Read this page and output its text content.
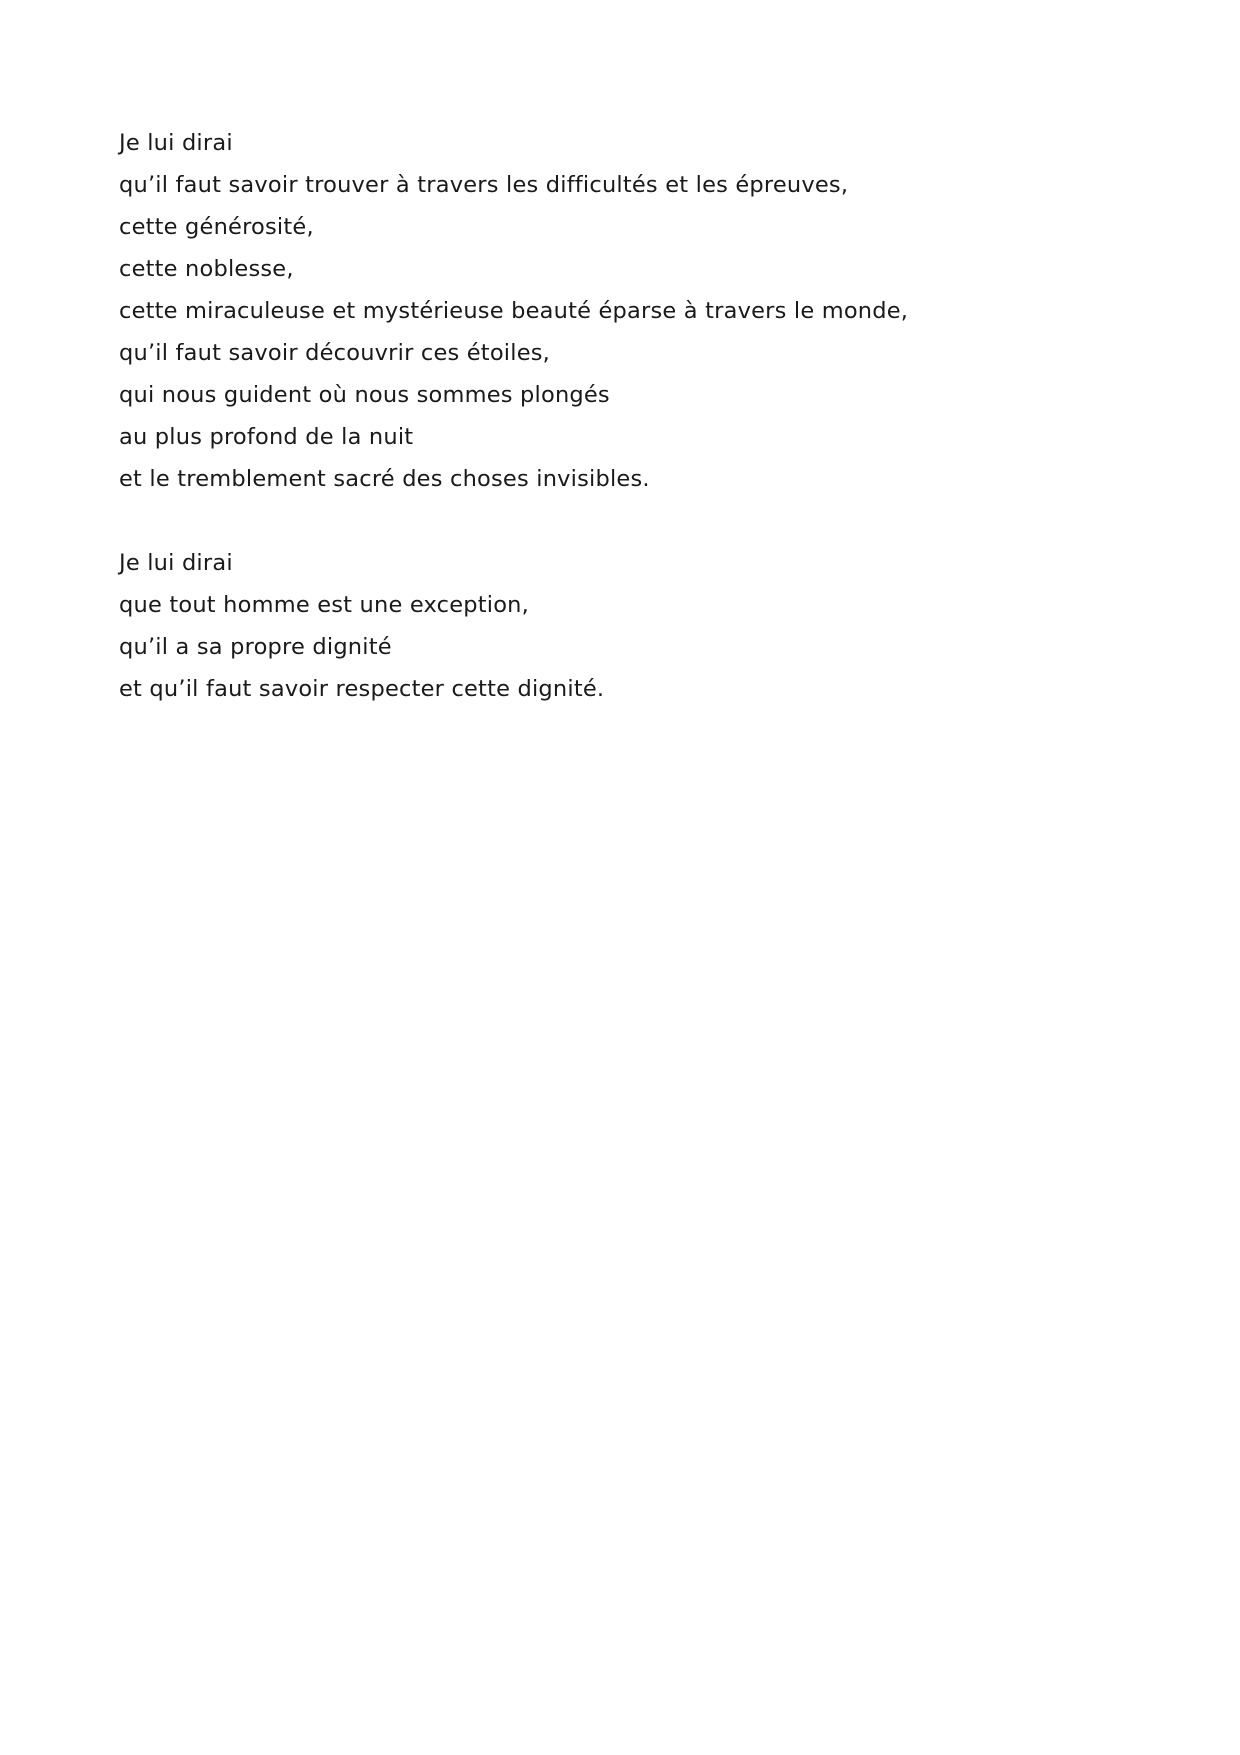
Je lui dirai
qu’il faut savoir trouver à travers les difficultés et les épreuves,
cette générosité,
cette noblesse,
cette miraculeuse et mystérieuse beauté éparse à travers le monde,
qu’il faut savoir découvrir ces étoiles,
qui nous guident où nous sommes plongés
au plus profond de la nuit
et le tremblement sacré des choses invisibles.
Je lui dirai
que tout homme est une exception,
qu’il a sa propre dignité
et qu’il faut savoir respecter cette dignité.
